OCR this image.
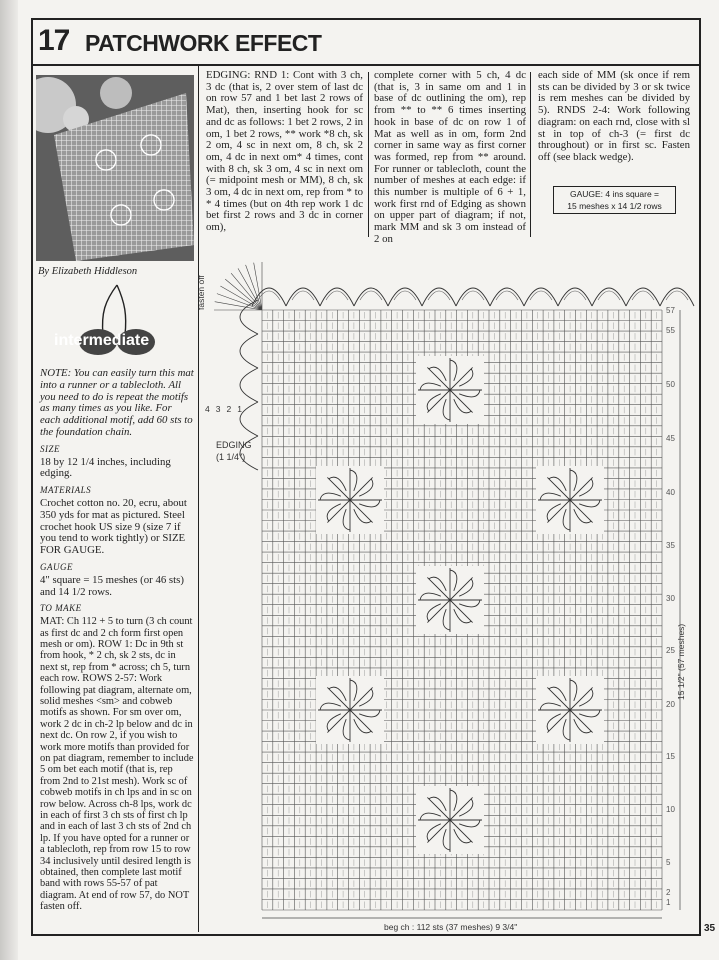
17 PATCHWORK EFFECT
By Elizabeth Hiddleson
intermediate

NOTE: You can easily turn this mat into a runner or a tablecloth. All you need to do is repeat the motifs as many times as you like. For each additional motif, add 60 sts to the foundation chain.

SIZE

18 by 12 1/4 inches, including edging.

MATERIALS

Crochet cotton no. 20, ecru, about 350 yds for mat as pictured. Steel crochet hook US size 9 (size 7 if you tend to work tightly) or SIZE FOR GAUGE.

GAUGE

4" square = 15 meshes (or 46 sts) and 14 1/2 rows.

TO MAKE

MAT: Ch 112 + 5 to turn (3 ch count as first dc and 2 ch form first open mesh or om). ROW 1: Dc in 9th st from hook, * 2 ch, sk 2 sts, dc in next st, rep from * across; ch 5, turn each row. ROWS 2-57: Work following pat diagram, alternate om, solid meshes <sm> and cobweb motifs as shown. For sm over om, work 2 dc in ch-2 lp below and dc in next dc. On row 2, if you wish to work more motifs than provided for on pat diagram, remember to include 5 om bet each motif (that is, rep from 2nd to 21st mesh). Work sc of cobweb motifs in ch lps and in sc on row below. Across ch-8 lps, work dc in each of first 3 ch sts of first ch lp and in each of last 3 ch sts of 2nd ch lp. If you have opted for a runner or a tablecloth, rep from row 15 to row 34 inclusively until desired length is obtained, then complete last motif band with rows 55-57 of pat diagram. At end of row 57, do NOT fasten off.

EDGING: RND 1: Cont with 3 ch, 3 dc (that is, 2 over stem of last dc on row 57 and 1 bet last 2 rows of Mat), then, inserting hook for sc and dc as follows: 1 bet 2 rows, 2 in om, 1 bet 2 rows, ** work *8 ch, sk 2 om, 4 sc in next om, 8 ch, sk 2 om, 4 dc in next om* 4 times, cont with 8 ch, sk 3 om, 4 sc in next om (= midpoint mesh or MM), 8 ch, sk 3 om, 4 dc in next om, rep from * to * 4 times (but on 4th rep work 1 dc bet first 2 rows and 3 dc in corner om),
complete corner with 5 ch, 4 dc (that is, 3 in same om and 1 in base of dc outlining the om), rep from ** to ** 6 times inserting hook in base of dc on row 1 of Mat as well as in om, form 2nd corner in same way as first corner was formed, rep from ** around. For runner or tablecloth, count the number of meshes at each edge: if this number is multiple of 6 + 1, work first rnd of Edging as shown on upper part of diagram; if not, mark MM and sk 3 om instead of 2 on
each side of MM (sk once if rem sts can be divided by 3 or sk twice is rem meshes can be divided by 5). RNDS 2-4: Work following diagram: on each rnd, close with sl st in top of ch-3 (= first dc throughout) or in first sc. Fasten off (see black wedge).
GAUGE: 4 ins square =
15 meshes x 14 1/2 rows
fasten off
EDGING
(1 1/4")
4321
57
55
50
45
40
35
30
25
20
15
10
5
2
1
15 1/2" (57 meshes)
beg ch : 112 sts (37 meshes) 9 3/4"	35
